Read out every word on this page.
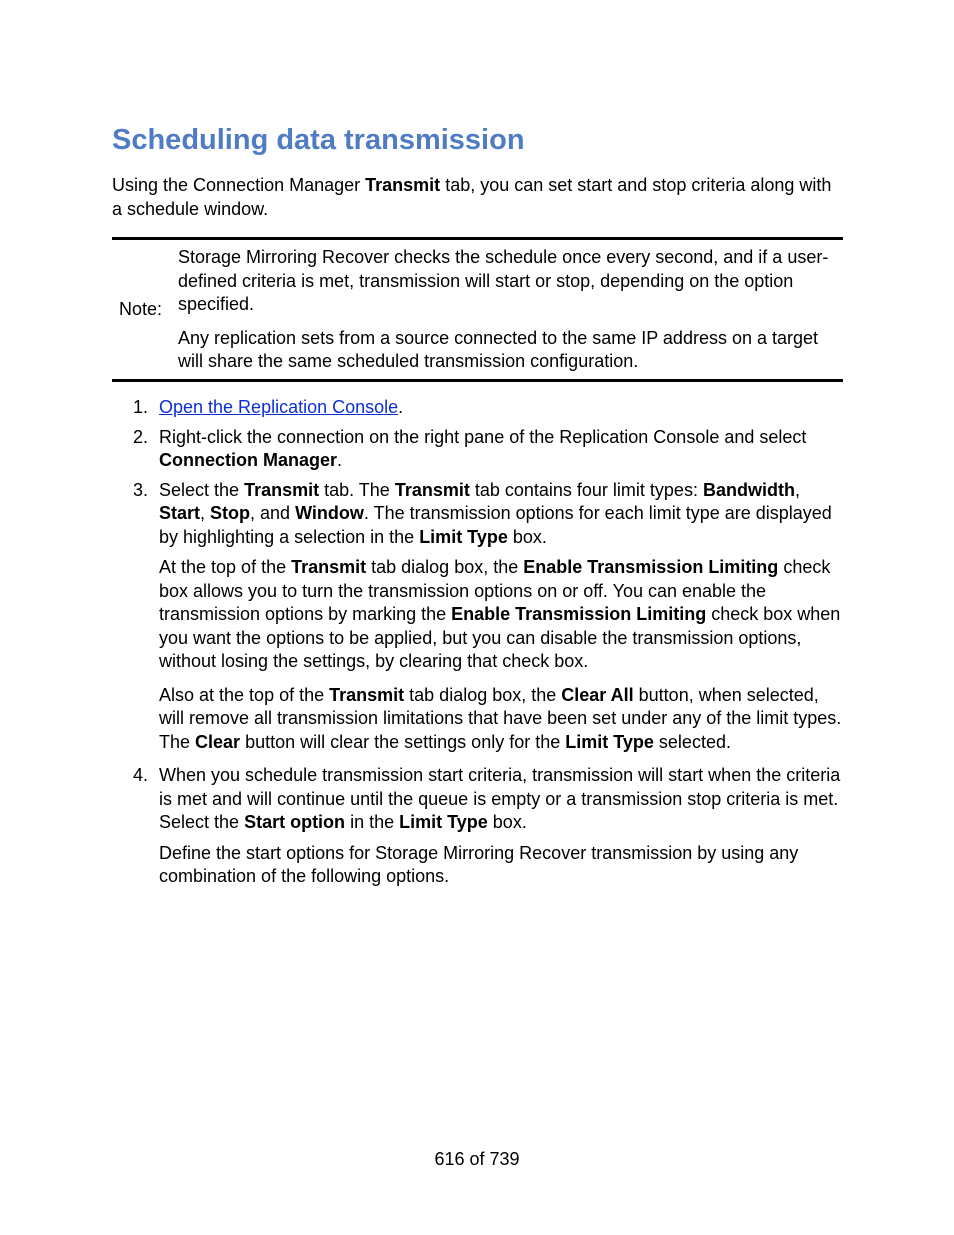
Scheduling data transmission

Using the Connection Manager Transmit tab, you can set start and stop criteria along with a schedule window.

Note:

Storage Mirroring Recover checks the schedule once every second, and if a user-defined criteria is met, transmission will start or stop, depending on the option specified.

Any replication sets from a source connected to the same IP address on a target will share the same scheduled transmission configuration.

1. Open the Replication Console.

2. Right-click the connection on the right pane of the Replication Console and select Connection Manager.

3. Select the Transmit tab. The Transmit tab contains four limit types: Bandwidth, Start, Stop, and Window. The transmission options for each limit type are displayed by highlighting a selection in the Limit Type box.

At the top of the Transmit tab dialog box, the Enable Transmission Limiting check box allows you to turn the transmission options on or off. You can enable the transmission options by marking the Enable Transmission Limiting check box when you want the options to be applied, but you can disable the transmission options, without losing the settings, by clearing that check box.

Also at the top of the Transmit tab dialog box, the Clear All button, when selected, will remove all transmission limitations that have been set under any of the limit types. The Clear button will clear the settings only for the Limit Type selected.

4. When you schedule transmission start criteria, transmission will start when the criteria is met and will continue until the queue is empty or a transmission stop criteria is met. Select the Start option in the Limit Type box.

Define the start options for Storage Mirroring Recover transmission by using any combination of the following options.

616 of 739
